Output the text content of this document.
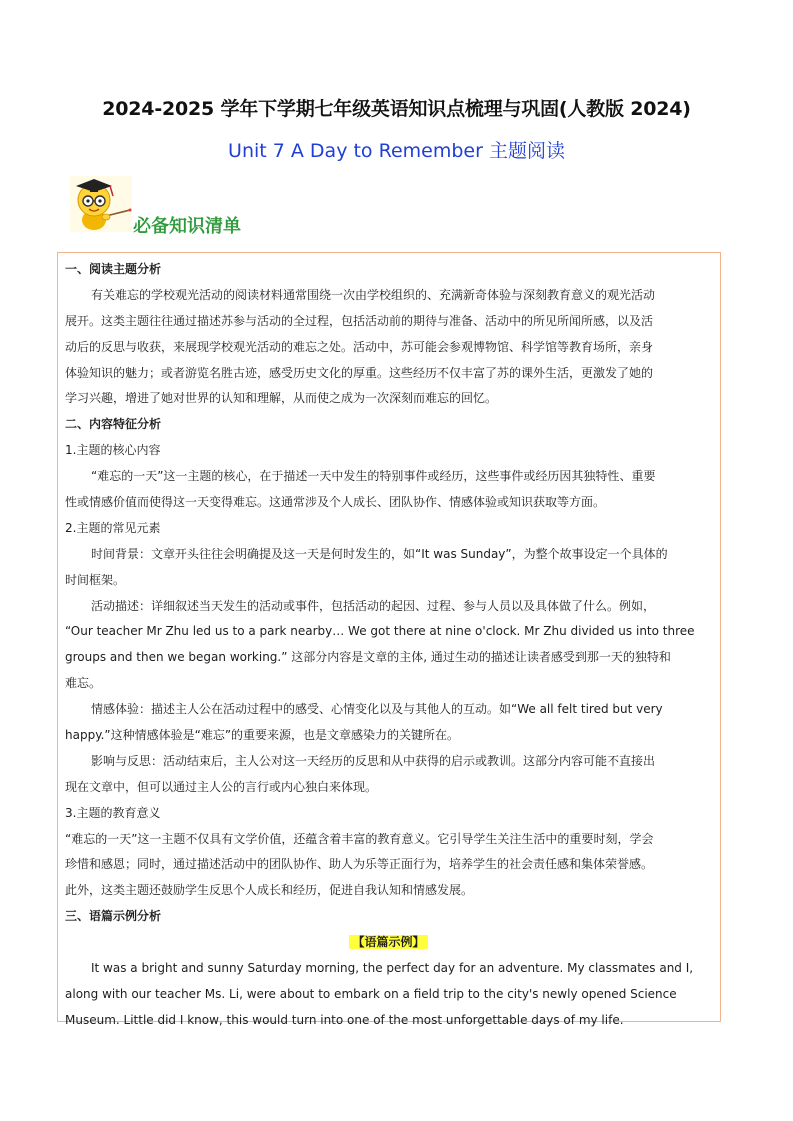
2024-2025 学年下学期七年级英语知识点梳理与巩固(人教版 2024)
Unit 7 A Day to Remember 主题阅读
必备知识清单
一、阅读主题分析
有关难忘的学校观光活动的阅读材料通常围绕一次由学校组织的、充满新奇体验与深刻教育意义的观光活动
展开。这类主题往往通过描述苏参与活动的全过程，包括活动前的期待与准备、活动中的所见所闻所感，以及活
动后的反思与收获，来展现学校观光活动的难忘之处。活动中，苏可能会参观博物馆、科学馆等教育场所，亲身
体验知识的魅力；或者游览名胜古迹，感受历史文化的厚重。这些经历不仅丰富了苏的课外生活，更激发了她的
学习兴趣，增进了她对世界的认知和理解，从而使之成为一次深刻而难忘的回忆。
二、内容特征分析
1.主题的核心内容
“难忘的一天”这一主题的核心，在于描述一天中发生的特别事件或经历，这些事件或经历因其独特性、重要
性或情感价值而使得这一天变得难忘。这通常涉及个人成长、团队协作、情感体验或知识获取等方面。
2.主题的常见元素
时间背景：文章开头往往会明确提及这一天是何时发生的，如“It was Sunday”，为整个故事设定一个具体的
时间框架。
活动描述：详细叙述当天发生的活动或事件，包括活动的起因、过程、参与人员以及具体做了什么。例如，
“Our teacher Mr Zhu led us to a park nearby… We got there at nine o'clock. Mr Zhu divided us into three
groups and then we began working.” 这部分内容是文章的主体, 通过生动的描述让读者感受到那一天的独特和
难忘。
情感体验：描述主人公在活动过程中的感受、心情变化以及与其他人的互动。如“We all felt tired but very
happy.”这种情感体验是“难忘”的重要来源，也是文章感染力的关键所在。
影响与反思：活动结束后，主人公对这一天经历的反思和从中获得的启示或教训。这部分内容可能不直接出
现在文章中，但可以通过主人公的言行或内心独白来体现。
3.主题的教育意义
“难忘的一天”这一主题不仅具有文学价值，还蕴含着丰富的教育意义。它引导学生关注生活中的重要时刻，学会
珍惜和感恩；同时，通过描述活动中的团队协作、助人为乐等正面行为，培养学生的社会责任感和集体荣誉感。
此外，这类主题还鼓励学生反思个人成长和经历，促进自我认知和情感发展。
三、语篇示例分析
【语篇示例】
It was a bright and sunny Saturday morning, the perfect day for an adventure. My classmates and I,
along with our teacher Ms. Li, were about to embark on a field trip to the city's newly opened Science
Museum. Little did I know, this would turn into one of the most unforgettable days of my life.
